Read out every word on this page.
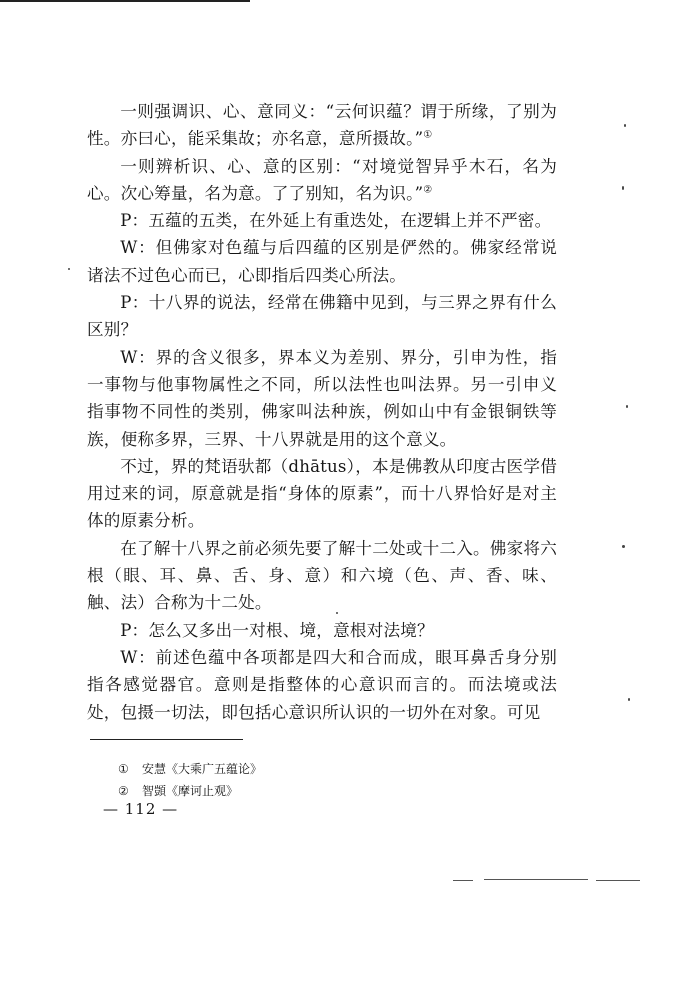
一则强调识、心、意同义：“云何识蕴？谓于所缘，了别为性。亦曰心，能采集故；亦名意，意所摄故。”①

一则辨析识、心、意的区别：“对境觉智异乎木石，名为心。次心筹量，名为意。了了别知，名为识。”②

P：五蕴的五类，在外延上有重迭处，在逻辑上并不严密。

W：但佛家对色蕴与后四蕴的区别是俨然的。佛家经常说诸法不过色心而已，心即指后四类心所法。

P：十八界的说法，经常在佛籍中见到，与三界之界有什么区别？

W：界的含义很多，界本义为差别、界分，引申为性，指一事物与他事物属性之不同，所以法性也叫法界。另一引申义指事物不同性的类别，佛家叫法种族，例如山中有金银铜铁等族，便称多界，三界、十八界就是用的这个意义。

不过，界的梵语驮都（dhātus），本是佛教从印度古医学借用过来的词，原意就是指“身体的原素”，而十八界恰好是对主体的原素分析。

在了解十八界之前必须先要了解十二处或十二入。佛家将六根（眼、耳、鼻、舌、身、意）和六境（色、声、香、味、触、法）合称为十二处。

P：怎么又多出一对根、境，意根对法境？

W：前述色蕴中各项都是四大和合而成，眼耳鼻舌身分别指各感觉器官。意则是指整体的心意识而言的。而法境或法处，包摄一切法，即包括心意识所认识的一切外在对象。可见

① 安慧《大乘广五蕴论》
② 智顗《摩诃止观》
— 112 —
